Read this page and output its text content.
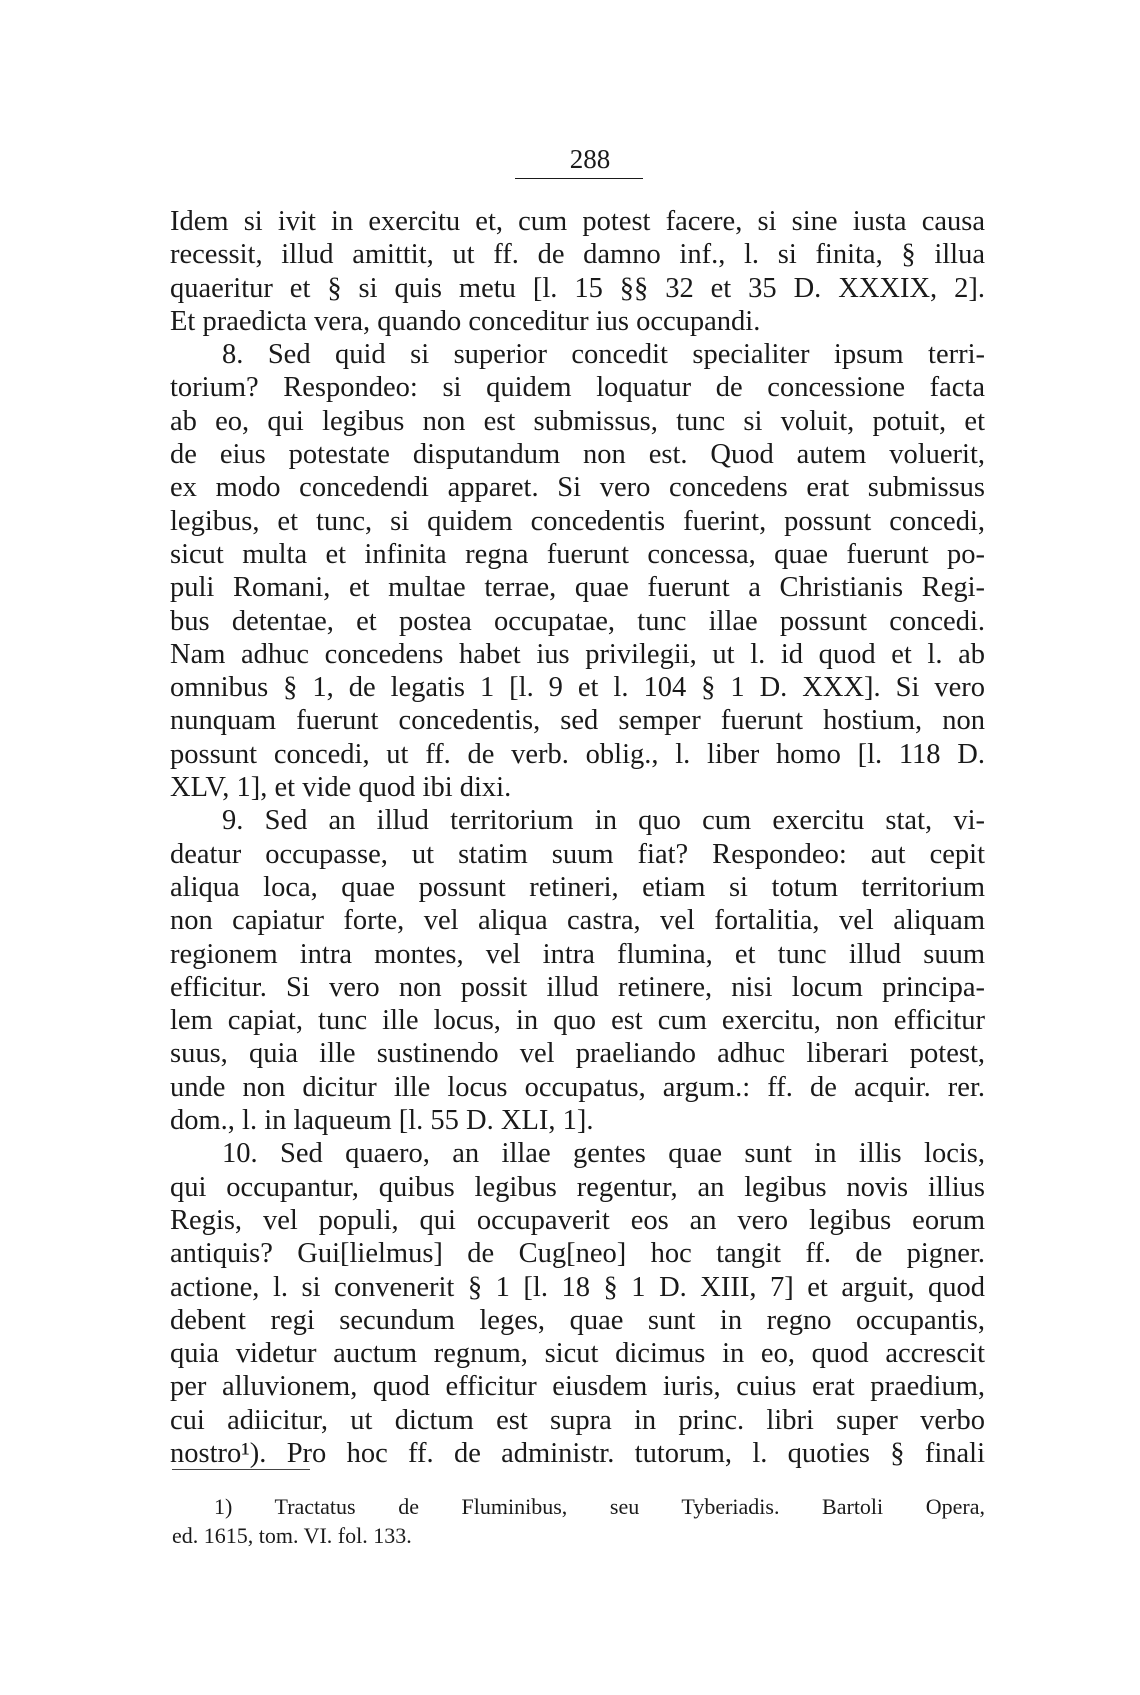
288
Idem si ivit in exercitu et, cum potest facere, si sine iusta causa
recessit, illud amittit, ut ff. de damno inf., l. si finita, § illua
quaeritur et § si quis metu [l. 15 §§ 32 et 35 D. XXXIX, 2].
Et praedicta vera, quando conceditur ius occupandi.
8. Sed quid si superior concedit specialiter ipsum terri-
torium? Respondeo: si quidem loquatur de concessione facta
ab eo, qui legibus non est submissus, tunc si voluit, potuit, et
de eius potestate disputandum non est. Quod autem voluerit,
ex modo concedendi apparet. Si vero concedens erat submissus
legibus, et tunc, si quidem concedentis fuerint, possunt concedi,
sicut multa et infinita regna fuerunt concessa, quae fuerunt po-
puli Romani, et multae terrae, quae fuerunt a Christianis Regi-
bus detentae, et postea occupatae, tunc illae possunt concedi.
Nam adhuc concedens habet ius privilegii, ut l. id quod et l. ab
omnibus § 1, de legatis 1 [l. 9 et l. 104 § 1 D. XXX]. Si vero
nunquam fuerunt concedentis, sed semper fuerunt hostium, non
possunt concedi, ut ff. de verb. oblig., l. liber homo [l. 118 D.
XLV, 1], et vide quod ibi dixi.
9. Sed an illud territorium in quo cum exercitu stat, vi-
deatur occupasse, ut statim suum fiat? Respondeo: aut cepit
aliqua loca, quae possunt retineri, etiam si totum territorium
non capiatur forte, vel aliqua castra, vel fortalitia, vel aliquam
regionem intra montes, vel intra flumina, et tunc illud suum
efficitur. Si vero non possit illud retinere, nisi locum principa-
lem capiat, tunc ille locus, in quo est cum exercitu, non efficitur
suus, quia ille sustinendo vel praeliando adhuc liberari potest,
unde non dicitur ille locus occupatus, argum.: ff. de acquir. rer.
dom., l. in laqueum [l. 55 D. XLI, 1].
10. Sed quaero, an illae gentes quae sunt in illis locis,
qui occupantur, quibus legibus regentur, an legibus novis illius
Regis, vel populi, qui occupaverit eos an vero legibus eorum
antiquis? Gui[lielmus] de Cug[neo] hoc tangit ff. de pigner.
actione, l. si convenerit § 1 [l. 18 § 1 D. XIII, 7] et arguit, quod
debent regi secundum leges, quae sunt in regno occupantis,
quia videtur auctum regnum, sicut dicimus in eo, quod accrescit
per alluvionem, quod efficitur eiusdem iuris, cuius erat praedium,
cui adiicitur, ut dictum est supra in princ. libri super verbo
nostro¹). Pro hoc ff. de administr. tutorum, l. quoties § finali
1) Tractatus de Fluminibus, seu Tyberiadis. Bartoli Opera,
ed. 1615, tom. VI. fol. 133.
